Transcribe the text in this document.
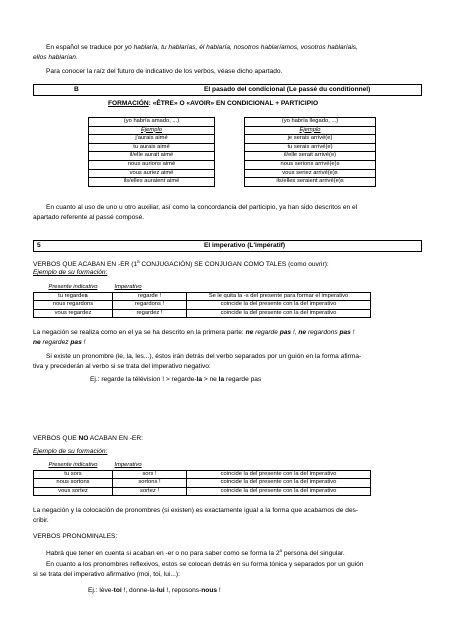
En español se traduce por yo hablaría, tu hablarías, él hablaría, nosotros hablaríamos, vosotros hablaríais,
ellos hablarían.
Para conocer la raíz del futuro de indicativo de los verbos, véase dicho apartado.
B	El pasado del condicional (Le passé du conditionnel)
FORMACIÓN: «ÊTRE» O «AVOIR» EN CONDICIONAL + PARTICIPIO
(yo habría amado, ...)
Ejemplo
j'aurais aimé
tu aurais aimé
il/elle aurait aimé
nous aurions aimé
vous auriez aimé
ils/elles auraient aimé
(yo habría llegado, ...)
Ejemplo
je serais arrivé(e)
tu serais arrivé(e)
il/elle serait arrivé(e)
nous serions arrivé(e)s
vous seriez arrivé(e)s
ils/elles seraient arrivé(e)s
En cuanto al uso de uno u otro auxiliar, así como la concordancia del participio, ya han sido descritos en el
apartado referente al passé composé.
5	El imperativo (L'impératif)
VERBOS QUE ACABAN EN -ER (1$^a$ CONJUGACIÓN) SE CONJUGAN COMO TALES (como ouvrir):
Ejemplo de su formación:
Presente indicativo	Imperativo	
tu regardes	regarde !	Se le quita la -s del presente para formar el imperativo
nous regardons	regardons !	coincide la del presente con la del imperativo
vous regardez	regardez !	coincide la del presente con la del imperativo
La negación se realiza como en el ya se ha descrito en la primera parte: ne regarde pas !, ne regardons pas !
ne regardez pas !
Si existe un pronombre (le, la, les...), éstos irán detrás del verbo separados por un guión en la forma afirma-
tiva y precederán al verbo si se trata del imperativo negativo:
Ej.: regarde la télévision ! > regarde-la > ne la regarde pas
VERBOS QUE NO ACABAN EN -ER:
Ejemplo de su formación:
Presente indicativo	Imperativo	
tu sors	sors !	coincide la del presente con la del imperativo
nous sortons	sortons !	coincide la del presente con la del imperativo
vous sortez	sortez !	coincide la del presente con la del imperativo
La negación y la colocación de pronombres (si existen) es exactamente igual a la forma que acabamos de des-
cribir.
VERBOS PRONOMINALES:
Habrá que tener en cuenta si acaban en -er o no para saber como se forma la 2$^a$ persona del singular.
En cuanto a los pronombres reflexivos, estos se colocan detrás en su forma tónica y separados por un guión
si se trata del imperativo afirmativo (moi, toi, lui...):
Ej.: lève-toi !, donne-la-lui !, reposons-nous !
